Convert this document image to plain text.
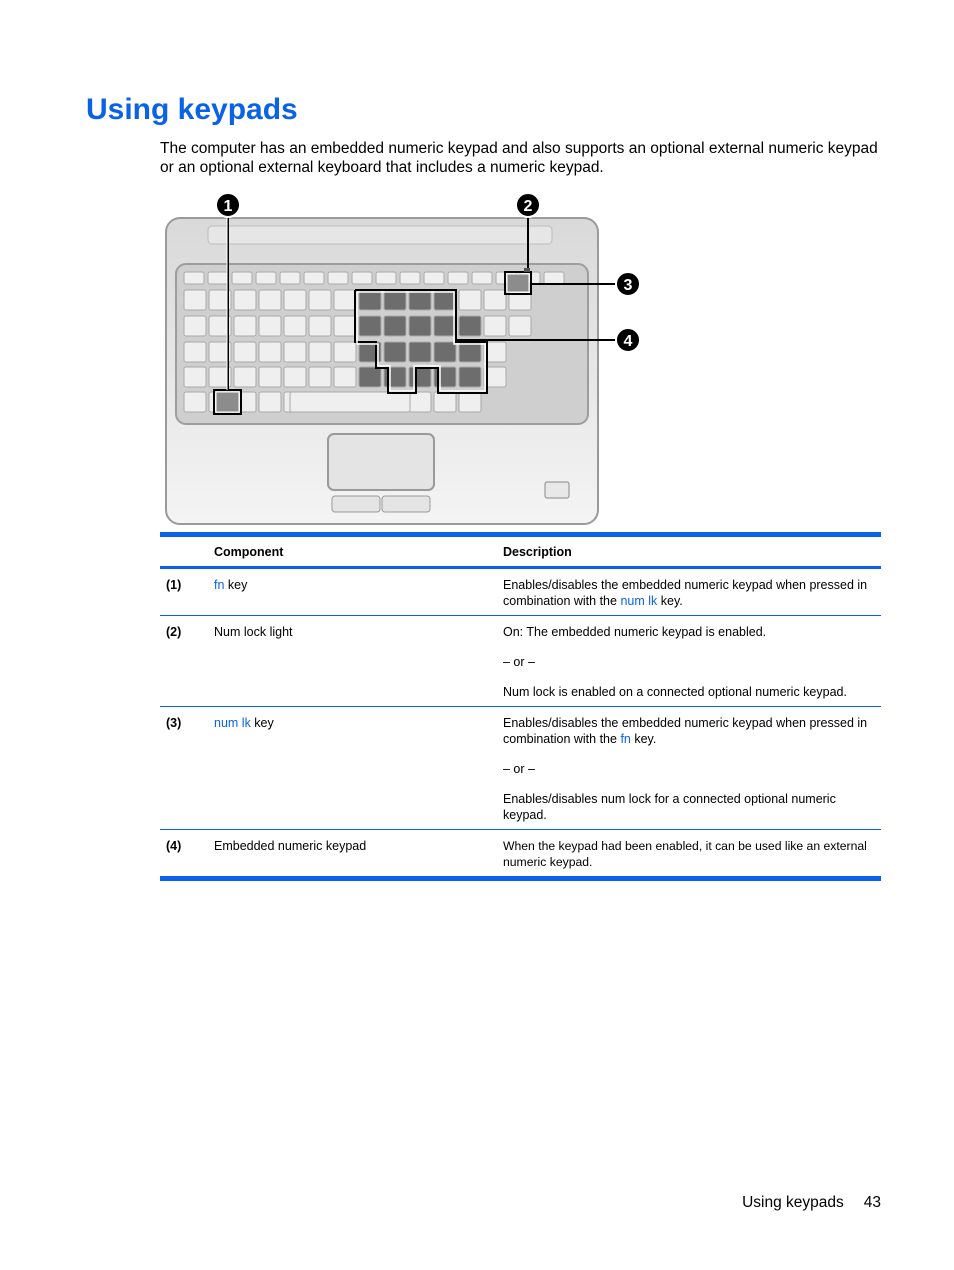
Using keypads

The computer has an embedded numeric keypad and also supports an optional external numeric keypad or an optional external keyboard that includes a numeric keypad.

1	2
3
4
Component	Description
(1)	fn key	Enables/disables the embedded numeric keypad when pressed in combination with the num lk key.

(2)	Num lock light	On: The embedded numeric keypad is enabled.

– or –

Num lock is enabled on a connected optional numeric keypad.

(3)	num lk key	Enables/disables the embedded numeric keypad when pressed in combination with the fn key.

– or –

Enables/disables num lock for a connected optional numeric keypad.

(4)	Embedded numeric keypad	When the keypad had been enabled, it can be used like an external numeric keypad.

Using keypads 43
